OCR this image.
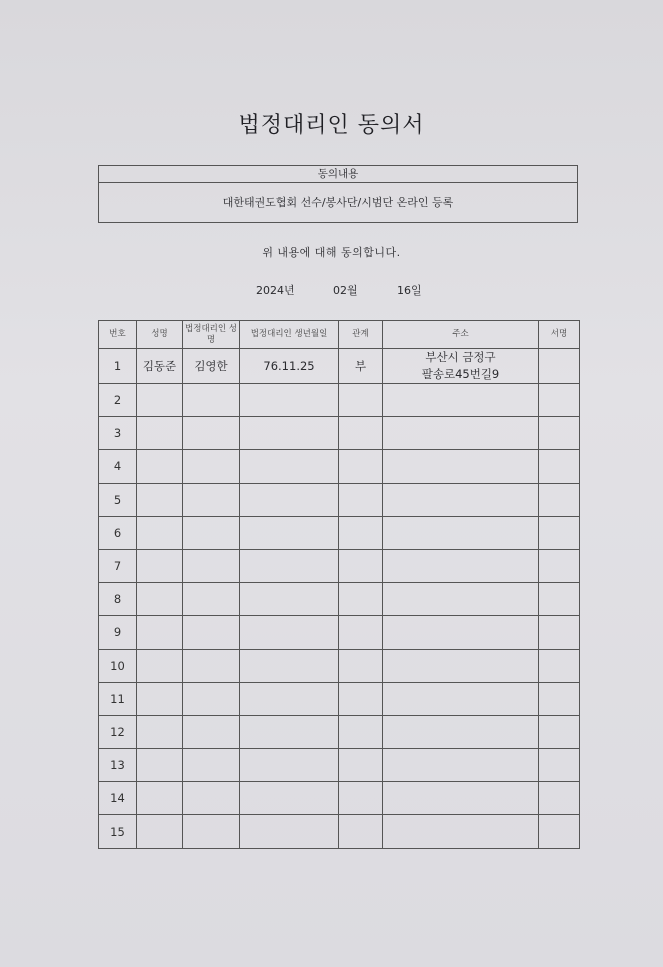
법정대리인 동의서
동의내용
대한태권도협회 선수/봉사단/시범단 온라인 등록
위 내용에 대해 동의합니다.
2024년	02월	16일
번호	성명	법정대리인 성명	법정대리인 생년월일	관계	주소	서명
1	김동준	김영한	76.11.25	부	부산시 금정구
팔송로45번길9	

2					

3					

4					

5					

6					

7					

8					

9					

10					

11					

12					

13					

14					

15					
